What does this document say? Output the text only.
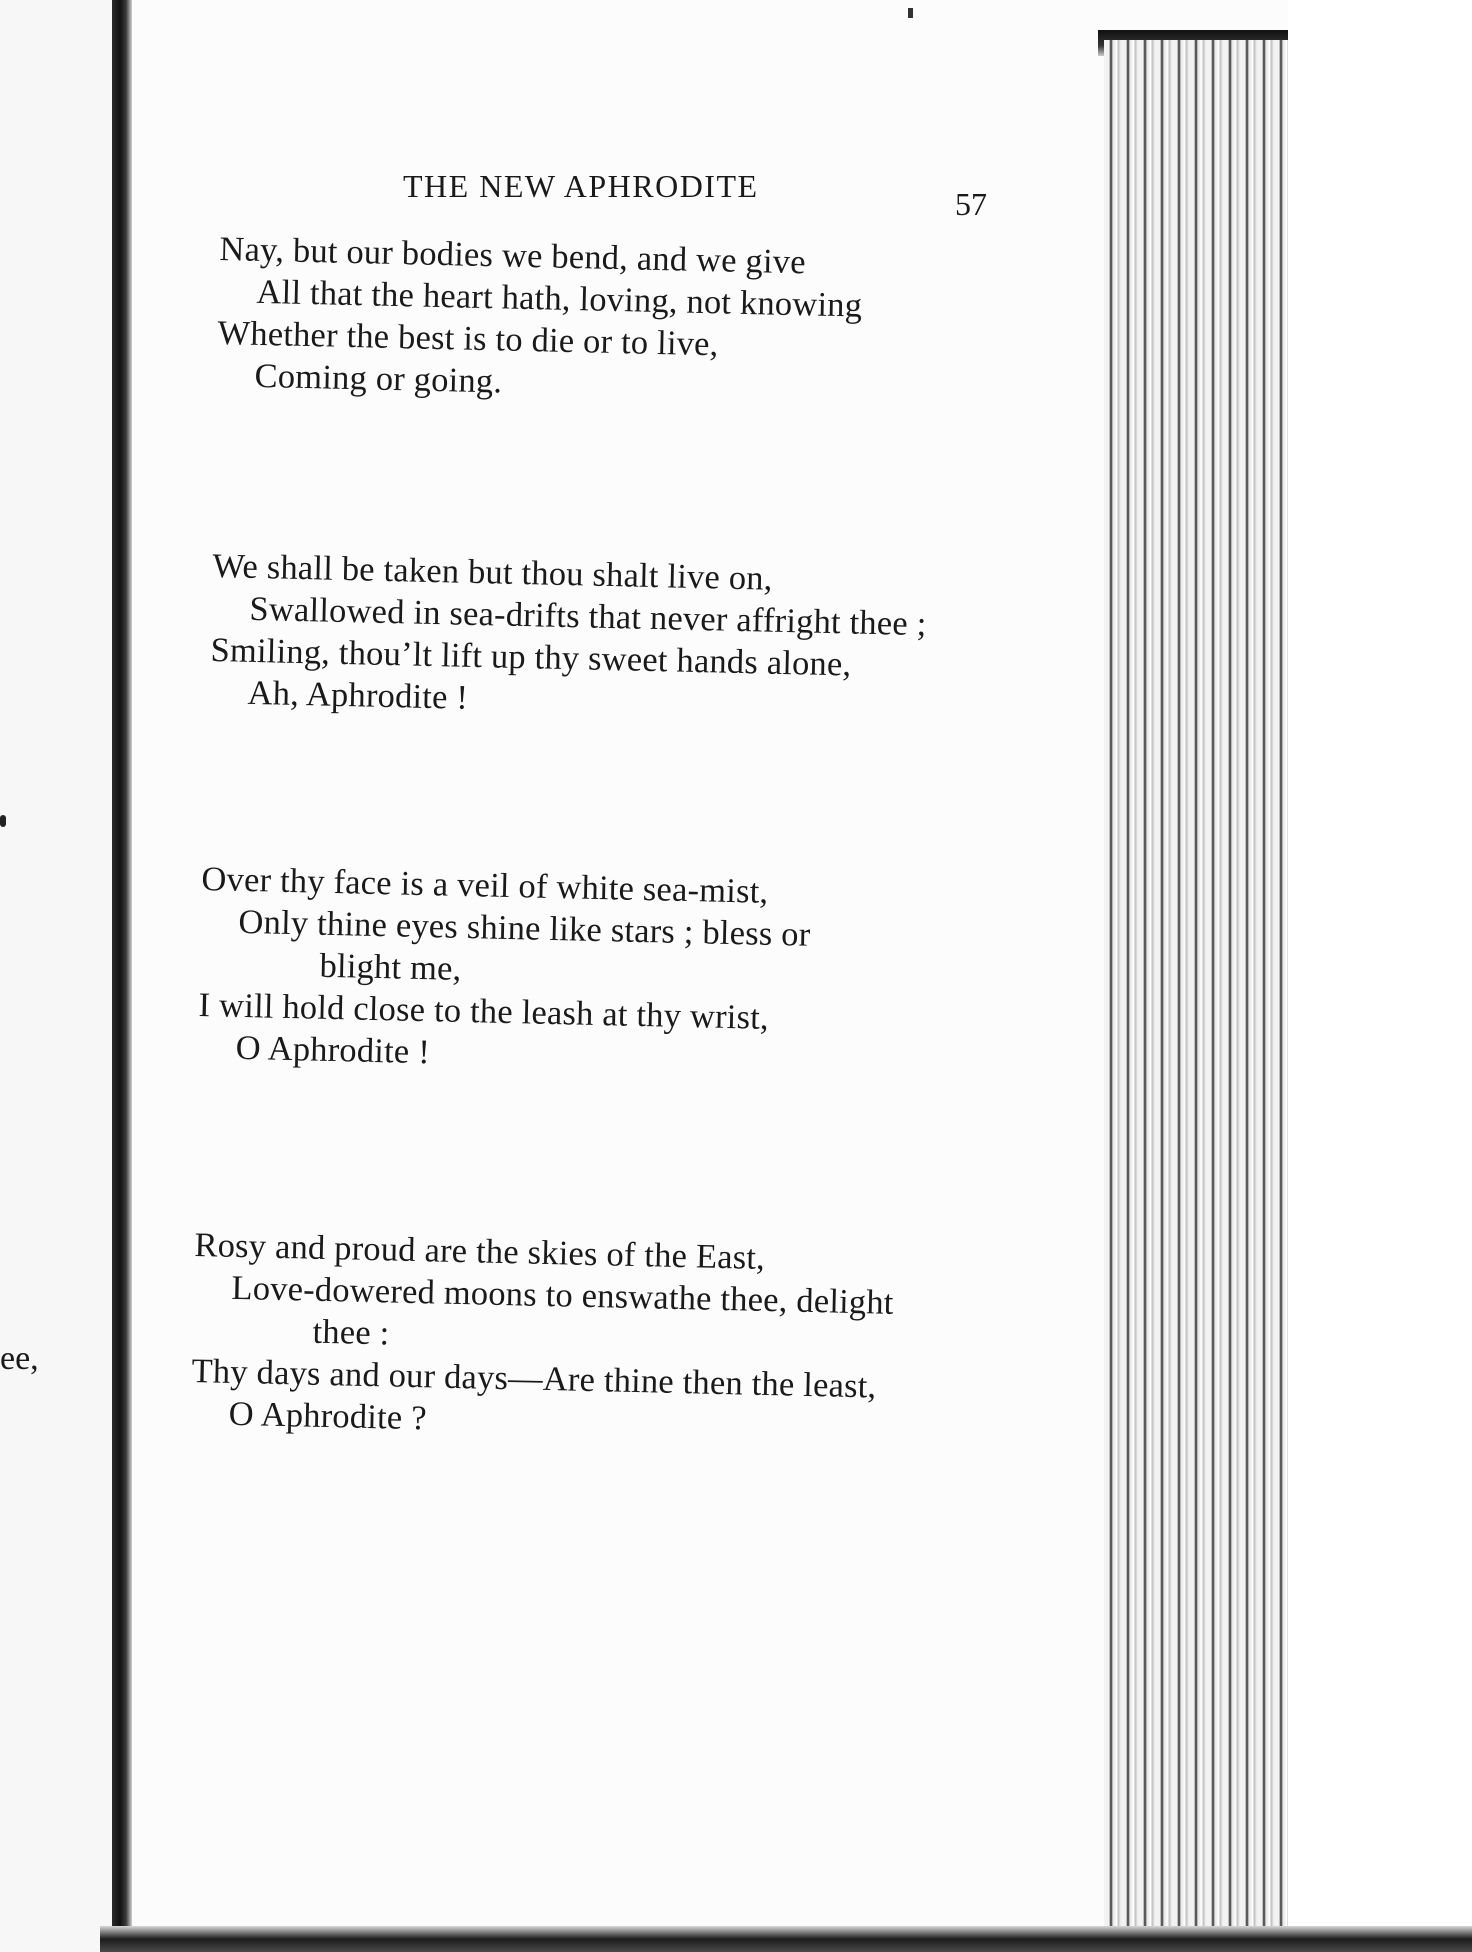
ee,
THE NEW APHRODITE	57
Nay, but our bodies we bend, and we give
All that the heart hath, loving, not knowing
Whether the best is to die or to live,
Coming or going.
We shall be taken but thou shalt live on,
Swallowed in sea-drifts that never affright thee ;
Smiling, thou’lt lift up thy sweet hands alone,
Ah, Aphrodite !
Over thy face is a veil of white sea-mist,
Only thine eyes shine like stars ; bless or
blight me,
I will hold close to the leash at thy wrist,
O Aphrodite !
Rosy and proud are the skies of the East,
Love-dowered moons to enswathe thee, delight
thee :
Thy days and our days—Are thine then the least,
O Aphrodite ?
